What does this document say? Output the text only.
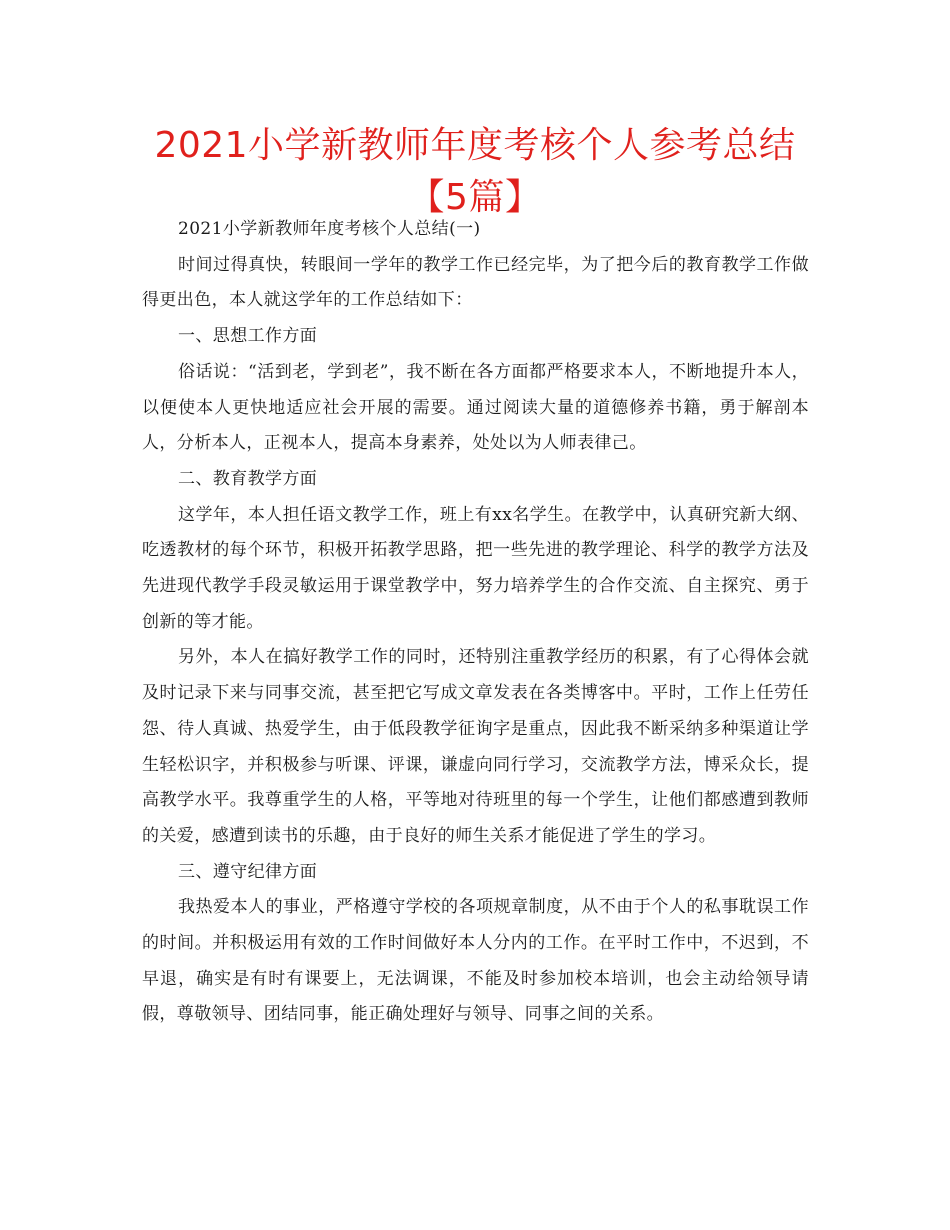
2021小学新教师年度考核个人参考总结【5篇】

2021小学新教师年度考核个人总结(一)

时间过得真快，转眼间一学年的教学工作已经完毕，为了把今后的教育教学工作做得更出色，本人就这学年的工作总结如下：

一、思想工作方面

俗话说：“活到老，学到老”，我不断在各方面都严格要求本人，不断地提升本人，以便使本人更快地适应社会开展的需要。通过阅读大量的道德修养书籍，勇于解剖本人，分析本人，正视本人，提高本身素养，处处以为人师表律己。

二、教育教学方面

这学年，本人担任语文教学工作，班上有xx名学生。在教学中，认真研究新大纲、吃透教材的每个环节，积极开拓教学思路，把一些先进的教学理论、科学的教学方法及先进现代教学手段灵敏运用于课堂教学中，努力培养学生的合作交流、自主探究、勇于创新的等才能。

另外，本人在搞好教学工作的同时，还特别注重教学经历的积累，有了心得体会就及时记录下来与同事交流，甚至把它写成文章发表在各类博客中。平时，工作上任劳任怨、待人真诚、热爱学生，由于低段教学征询字是重点，因此我不断采纳多种渠道让学生轻松识字，并积极参与听课、评课，谦虚向同行学习，交流教学方法，博采众长，提高教学水平。我尊重学生的人格，平等地对待班里的每一个学生，让他们都感遭到教师的关爱，感遭到读书的乐趣，由于良好的师生关系才能促进了学生的学习。

三、遵守纪律方面

我热爱本人的事业，严格遵守学校的各项规章制度，从不由于个人的私事耽误工作的时间。并积极运用有效的工作时间做好本人分内的工作。在平时工作中，不迟到，不早退，确实是有时有课要上，无法调课，不能及时参加校本培训，也会主动给领导请假，尊敬领导、团结同事，能正确处理好与领导、同事之间的关系。
